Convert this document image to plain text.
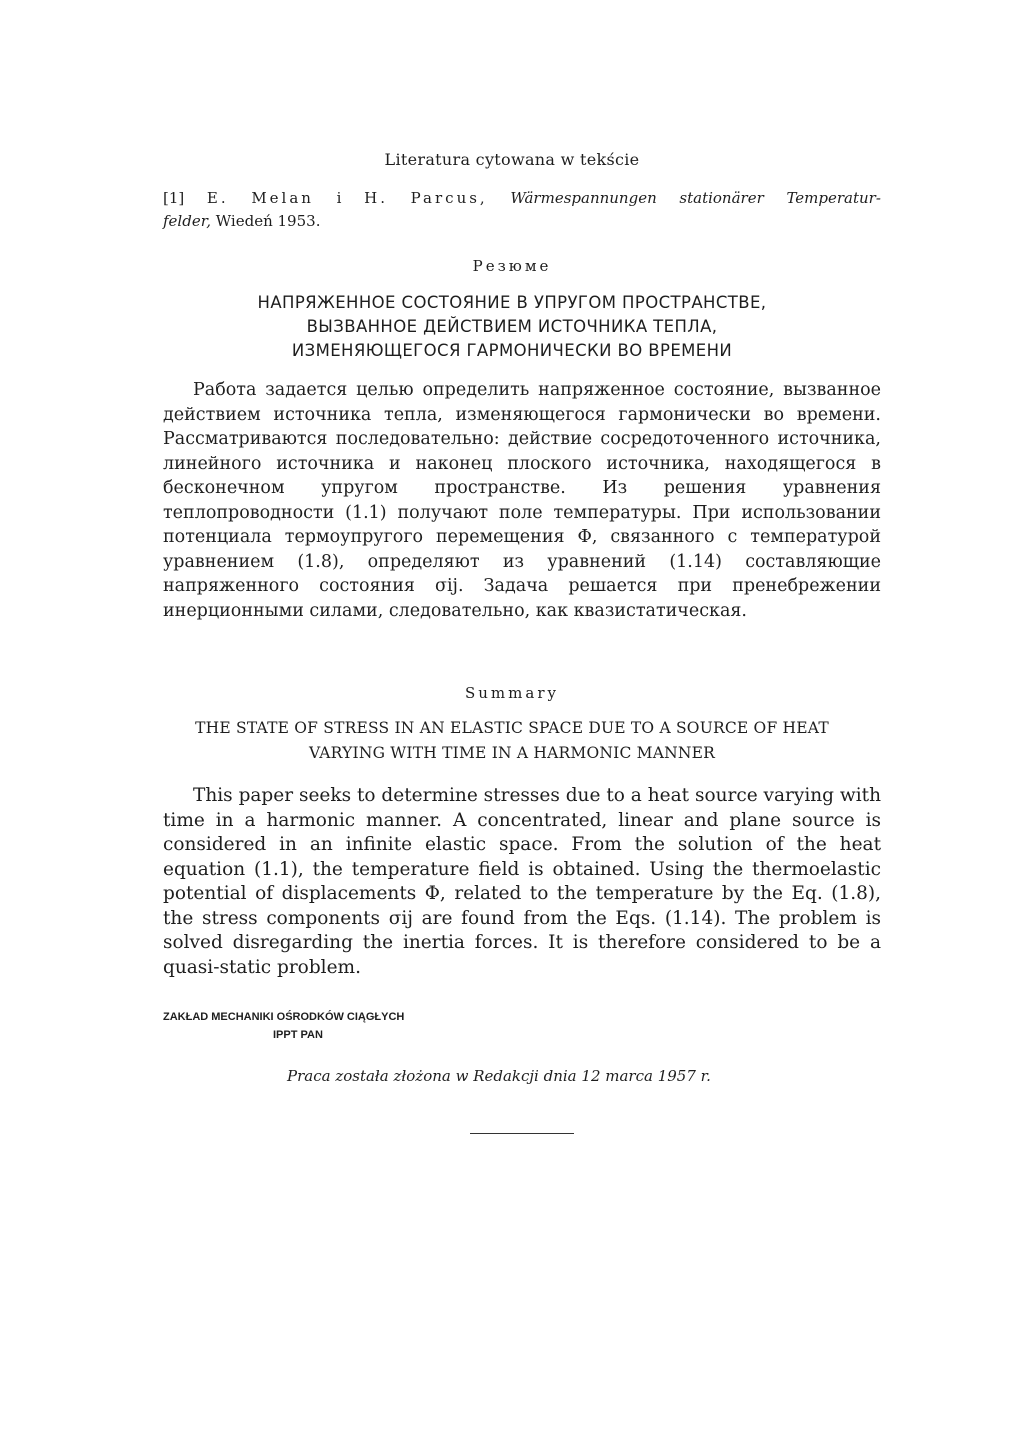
Literatura cytowana w tekście
[1] E. Melan i H. Parcus, Wärmespannungen stationärer Temperatur-
felder, Wiedeń 1953.
Резюме
НАПРЯЖЕННОЕ СОСТОЯНИЕ В УПРУГОМ ПРОСТРАНСТВЕ,
ВЫЗВАННОЕ ДЕЙСТВИЕМ ИСТОЧНИКА ТЕПЛА,
ИЗМЕНЯЮЩЕГОСЯ ГАРМОНИЧЕСКИ ВО ВРЕМЕНИ

Работа задается целью определить напряженное состояние, вызванное действием источника тепла, изменяющегося гармонически во времени. Рассматриваются последовательно: действие сосредоточенного источника, линейного источника и наконец плоского источника, находящегося в бесконечном упругом пространстве. Из решения уравнения теплопроводности (1.1) получают поле температуры. При использовании потенциала термоупругого перемещения Φ, связанного с температурой уравнением (1.8), определяют из уравнений (1.14) составляющие напряженного состояния σij. Задача решается при пренебрежении инерционными силами, следовательно, как квазистатическая.

Summary
THE STATE OF STRESS IN AN ELASTIC SPACE DUE TO A SOURCE OF HEAT
VARYING WITH TIME IN A HARMONIC MANNER

This paper seeks to determine stresses due to a heat source varying with time in a harmonic manner. A concentrated, linear and plane source is considered in an infinite elastic space. From the solution of the heat equation (1.1), the temperature field is obtained. Using the thermoelastic potential of displacements Φ, related to the temperature by the Eq. (1.8), the stress components σij are found from the Eqs. (1.14). The problem is solved disregarding the inertia forces. It is therefore considered to be a quasi-static problem.

ZAKŁAD MECHANIKI OŚRODKÓW CIĄGŁYCH
IPPT PAN
Praca została złożona w Redakcji dnia 12 marca 1957 r.
